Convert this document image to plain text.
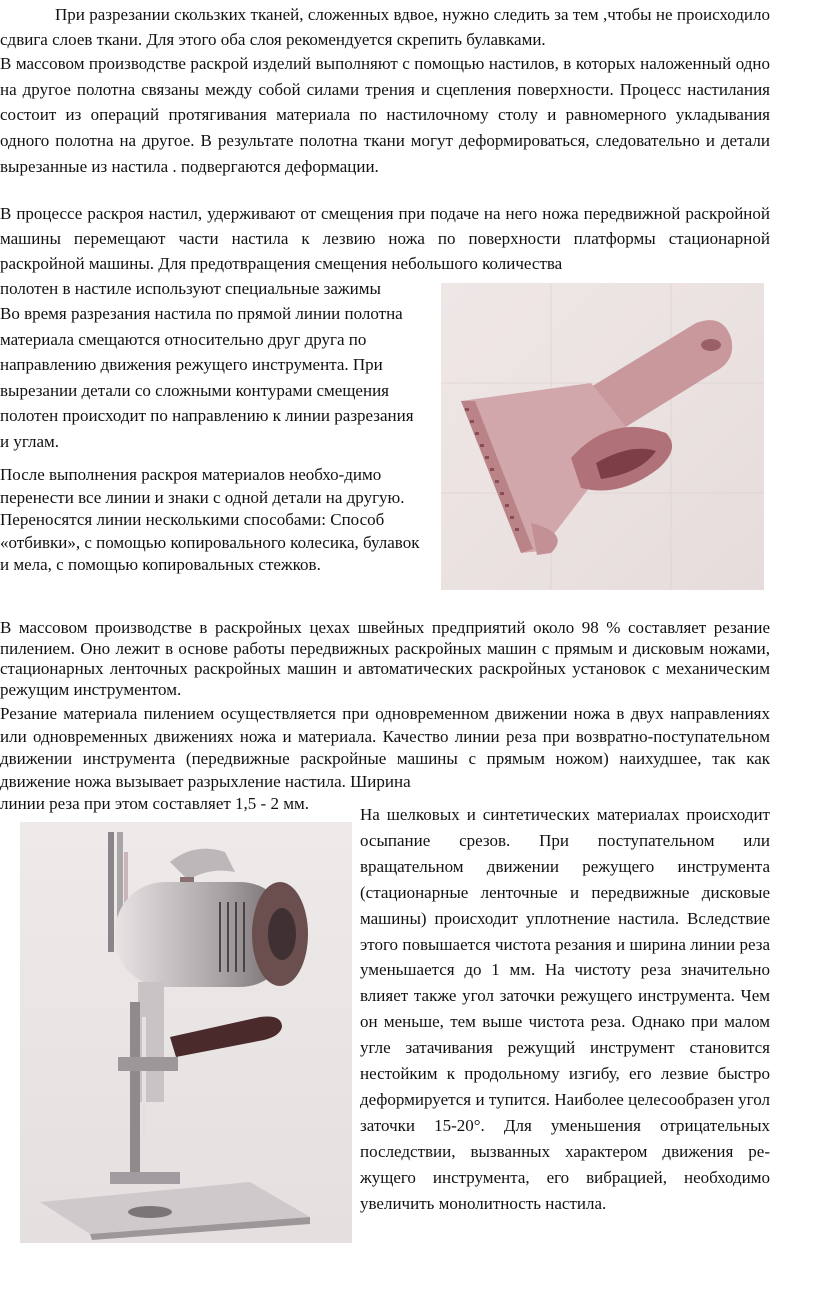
При разрезании скользких тканей, сложенных вдвое, нужно следить за тем ,чтобы не происходило сдвига слоев ткани. Для этого оба слоя рекомендуется скрепить булавками.

В массовом производстве раскрой изделий выполняют с помощью настилов, в которых наложенный одно на другое полотна связаны между собой силами трения и сцепления поверхности. Процесс настилания состоит из операций протягивания материала по настилочному столу и равномерного укладывания одного полотна на другое. В результате полотна ткани могут деформироваться, следовательно и детали вырезанные из настила . подвергаются деформации.

В процессе раскроя настил, удерживают от смещения при подаче на него ножа передвижной раскройной машины перемещают части настила к лезвию ножа по поверхности платформы стационарной раскройной машины. Для предотвращения смещения небольшого количества

полотен в настиле используют специальные зажимы

Во время разрезания настила по прямой линии полотна материала смещаются относительно друг друга по направлению движения режущего инструмента. При вырезании детали со сложными контурами смещения полотен происходит по направлению к линии разрезания и углам.

После выполнения раскроя материалов необхо-димо перенести все линии и знаки с одной детали на другую. Переносятся линии несколькими способами: Способ «отбивки», с помощью копировального колесика, булавок и мела, с помощью копировальных стежков.

В массовом производстве в раскройных цехах швейных предприятий около 98 % составляет резание пилением. Оно лежит в основе работы передвижных раскройных машин с прямым и дисковым ножами, стационарных ленточных раскройных машин и автоматических раскройных установок с механическим режущим инструментом.

Резание материала пилением осуществляется при одновременном движении ножа в двух направлениях или одновременных движениях ножа и материала. Качество линии реза при возвратно-поступательном движении инструмента (передвижные раскройные машины с прямым ножом) наихудшее, так как движение ножа вызывает разрыхление настила. Ширина

линии реза при этом составляет 1,5 - 2 мм.

На шелковых и синтетических материалах происходит осыпание срезов. При поступательном или вращательном движении режущего инструмента (стационарные ленточные и передвижные дисковые машины) происходит уплотнение настила. Вследствие этого повышается чистота резания и ширина линии реза уменьшается до 1 мм. На чистоту реза значительно влияет также угол заточки режущего инструмента. Чем он меньше, тем выше чистота реза. Однако при малом угле затачивания режущий инструмент становится нестойким к продольному изгибу, его лезвие быстро деформируется и тупится. Наиболее целесообразен угол заточки 15-20°. Для уменьшения отрицательных последствии, вызванных характером движения ре- жущего инструмента, его вибрацией, необходимо увеличить монолитность настила.
